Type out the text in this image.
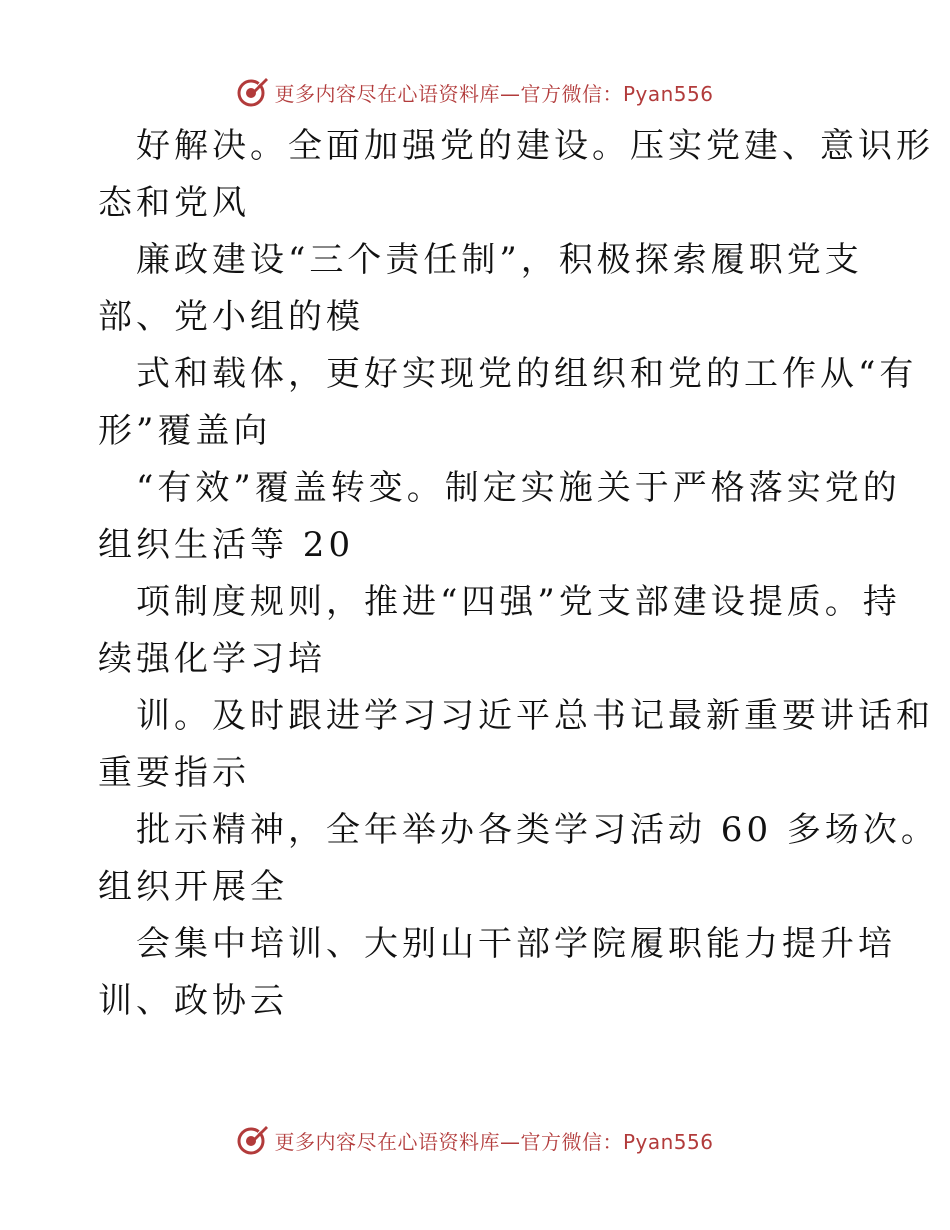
更多内容尽在心语资料库—官方微信：Pyan556
好解决。全面加强党的建设。压实党建、意识形
态和党风
廉政建设“三个责任制”，积极探索履职党支
部、党小组的模
式和载体，更好实现党的组织和党的工作从“有
形”覆盖向
“有效”覆盖转变。制定实施关于严格落实党的
组织生活等 20
项制度规则，推进“四强”党支部建设提质。持
续强化学习培
训。及时跟进学习习近平总书记最新重要讲话和
重要指示
批示精神，全年举办各类学习活动 60 多场次。
组织开展全
会集中培训、大别山干部学院履职能力提升培
训、政协云
更多内容尽在心语资料库—官方微信：Pyan556
